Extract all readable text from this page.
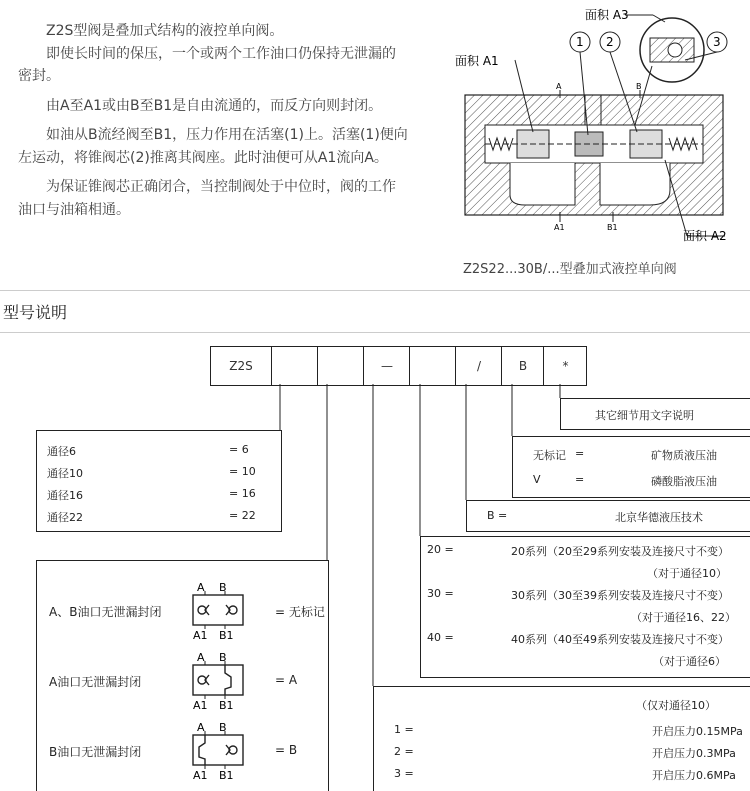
Z2S型阀是叠加式结构的液控单向阀。

即使长时间的保压，一个或两个工作油口仍保持无泄漏的密封。

由A至A1或由B至B1是自由流通的，而反方向则封闭。

如油从B流经阀至B1，压力作用在活塞(1)上。活塞(1)便向左运动，将锥阀芯(2)推离其阀座。此时油便可从A1流向A。

为保证锥阀芯正确闭合，当控制阀处于中位时，阀的工作油口与油箱相通。

1 2	3
面积 A3
面积 A1
面积 A2
A	B
A1	B1
Z2S22...30B/...型叠加式液控单向阀
型号说明
Z2S	—	/	B	*
其它细节用文字说明
无标记 =	矿物质液压油
V	=	磷酸脂液压油
B =	北京华德液压技术
20 =	20系列（20至29系列安装及连接尺寸不变）
（对于通径10）
30 =	30系列（30至39系列安装及连接尺寸不变）
（对于通径16、22）
40 =	40系列（40至49系列安装及连接尺寸不变）
（对于通径6）
通径6	= 6
通径10	= 10
通径16	= 16
通径22	= 22
A、B油口无泄漏封闭
A B
A1 B1
= 无标记
A油口无泄漏封闭
A B
A1 B1
= A
B油口无泄漏封闭
A B
A1 B1
= B
（仅对通径10）
1 =	开启压力0.15MPa
2 =	开启压力0.3MPa
3 =	开启压力0.6MPa
